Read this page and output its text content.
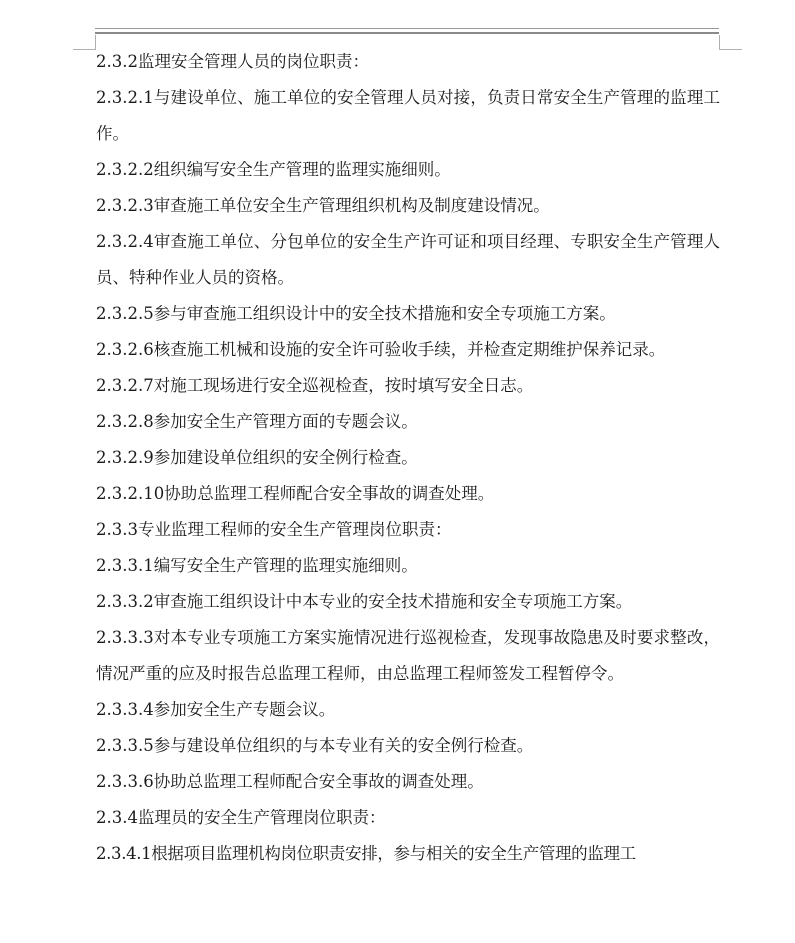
2.3.2监理安全管理人员的岗位职责：

2.3.2.1与建设单位、施工单位的安全管理人员对接，负责日常安全生产管理的监理工作。

2.3.2.2组织编写安全生产管理的监理实施细则。

2.3.2.3审查施工单位安全生产管理组织机构及制度建设情况。

2.3.2.4审查施工单位、分包单位的安全生产许可证和项目经理、专职安全生产管理人员、特种作业人员的资格。

2.3.2.5参与审查施工组织设计中的安全技术措施和安全专项施工方案。

2.3.2.6核查施工机械和设施的安全许可验收手续，并检查定期维护保养记录。

2.3.2.7对施工现场进行安全巡视检查，按时填写安全日志。

2.3.2.8参加安全生产管理方面的专题会议。

2.3.2.9参加建设单位组织的安全例行检查。

2.3.2.10协助总监理工程师配合安全事故的调查处理。

2.3.3专业监理工程师的安全生产管理岗位职责：

2.3.3.1编写安全生产管理的监理实施细则。

2.3.3.2审查施工组织设计中本专业的安全技术措施和安全专项施工方案。

2.3.3.3对本专业专项施工方案实施情况进行巡视检查，发现事故隐患及时要求整改，情况严重的应及时报告总监理工程师，由总监理工程师签发工程暂停令。

2.3.3.4参加安全生产专题会议。

2.3.3.5参与建设单位组织的与本专业有关的安全例行检查。

2.3.3.6协助总监理工程师配合安全事故的调查处理。

2.3.4监理员的安全生产管理岗位职责：

2.3.4.1根据项目监理机构岗位职责安排，参与相关的安全生产管理的监理工
